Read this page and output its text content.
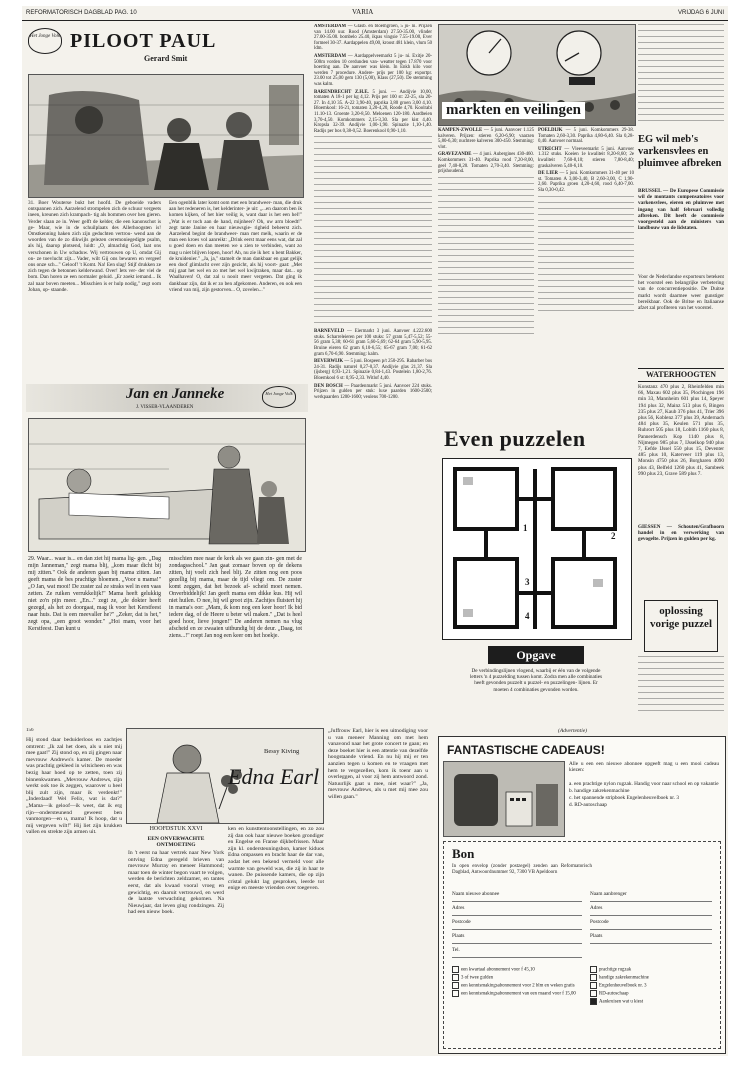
REFORMATORISCH DAGBLAD PAG. 10	VARIA	VRIJDAG 6 JUNI
Het Jonge Volk PILOOT PAUL
Gerard Smit
31. Boer Wouterse bukt het hoofd. De geboeide vaders ontspannen zich. Aarzelend strompelen zich de schuur vergeets ineen, kreunen zich krampach- tig als bommen over hen gieren. Verder slaan ze in. Weer gelft de kelder, die een kanonschot is ge- Maar, wie in de schuilplaats des Allerhoogsten is! Omstkenning haken zich zijn geduchten vertrou- wend aan de woorden van de zo dikwijls gelezen ceremoniegedigte psalm, als hij, daarop plotsend, luidt: „O, almachtig God, laat ons verschonen in Uw schaduw. Wij vertrouwen op U, omdat Gij on- ze toevlucht zijt... Vader, wilt Gij ons bewaren en vergeef ons onze sch..." Geloof! 't Komt. Na! Een slag! Stijf drukken ze zich tegen de betonnen kelderwand. Over! Iets ver- der viel de bom. Dan horen ze een normaler geluid. „Er zoekt iemand... Ik zal naar boven meeten... Misschien is er hulp nodig," zegt oom Johan, op- staande.
Een ogenblik later komt oom met een brandweer- man, die druk aan het redeneren is, het kelderinter- je uit: „...en daarom ben ik komen kijken, of het hier veilig is, want daar is het een hel!" „Wat is er toch aan de hand, mijnheer? Oh, uw arm bloedt!" zegt tante Janine en haar nieuwsgie- righeid beheerst zich. Aarzelend begint de brandweer- man met melk, waarin er de man een kroes vol aanreikt: „Drink eerst maar eens wat, dat zal u goed doen en dan meeten we u zien te verbinden, want zo mag u niet blijven lopen, hoor! Ah, nu zie ik het: u bent Bakker, de kruidenier." „Ja, ja," stamelt de man dankbaar en gaat gelijk een doof glimlacht over zijn gezicht, als hij voort- gaat: „Met mij gaat het wel en zo met het wel kwijtraken, maar dat... op Waalhaven! O, dat zal u nooit meer vergeten. Dat ging ik dankbaar zijn, dat ik er zo ben afgekomen. Anderen, en ook een vriend van mij, zijn gestorven... O, zovelen..."
Jan en Janneke
J. VISSER-VLAANDEREN
Het Jonge Volk
29. Waar... waar is... en dan ziet hij mama lig- gen. „Dag mijn Janneman," zegt mama blij, „kom maar dicht bij mij zitten." Ook de anderen gaan bij mama zitten. Jan geeft mama de bes prachtige bloemen. „Voor u mama!" „O Jan, wat mooi! De zuster zal ze straks wel in een vaas zetten. Ze ruiken verrukkelijk!" Mama heeft gelukkig niet zo'n pijn meer. „En..." zegt ze, „de dokter heeft gezegd, als het zo doorgaat, mag ik voor het Kerstfeest naar huis. Dat is een meevaller he?" „Zeker, dat is het," zegt opa, „een groot wonder." „Hoi mam, voor het Kerstfeest. Dan kunt u
misschien mee naar de kerk als we gaan zin- gen met de zondagsschool." Jan gaat zomaar boven op de dekens zitten, hij voelt zich heel blij. Ze zitten nog een poos gezellig bij mama, maar de tijd vliegt om. De zuster komt zeggen, dat het bezoek af- scheid moet nemen. Onverbiddelijk! Jan geeft mama een dikke kus. Hij wil niet huilen. O nee, hij wil groot zijn. Zachtjes fluistert hij in mama's oor: „Mam, ik kom nog een keer hoor! Ik bid iedere dag, of de Heere u beter wil maken." „Dat is heel goed hoor, lieve jongen!" De anderen nemen na vlug afscheid en ze zwaaien uitbundig bij de deur. „Daag, tot ziens...!" roept Jan nog een keer om het hoekje.

AMSTERDAM — Glasb. en bloemgroen, 5 ju- ni. Prijzen van 14.00 uur. Rood (Amsterdam) 27.50-35.00, vlinder 27.00-35.00. bombelo 25.40, ikpas vingsie 7.55-19.00, Ever formeel 30-37. Aardappelen 49,00, kroost 481 klein, vlum 50 ldm.

AMSTERDAM — Aardappelveemarkt 5 ju- ni. Exitje 20-500m vorden 10 cerdunden van- weatter tegen 17.870 voor hoerting aan. De aanvoer was klein. In Enkh kilo voor werden 7 procedure. Andere- prijs per 100 kg: exportpr. 23.00 tot 25,00 gem 130 (5,00), Klass (27,50). De stemming was kalm.

BARENDRECHT Z.H.E. 5 juni. — Andijvie 10,00, tomaten A 18-1 per kg 4,12. Prijs per 100 st: 22-25, sla 20-27. In 4,10 35. A-22 3,90-40, paprika 3,80 groen 3,00 4,10. Bloemkool: 16-21, tomaten 3,20-4,20, Roode 4,70. Koolrabi 11.10-13. Groente 3,20-8,50. Meloenen 120-180. Aardbeien 3,70-4,50. Komkommers 2,15-3,30. Sla per kist 4,40. Kropsla 32-39. Andijvie 1,00-1,90. Spinazie 1,10-1,40. Radijs per bos 0,38-0,52. Boerenkool 0,90-1,10.

BARNEVELD — Eiermarkt 3 juni. Aanvoer 4.222.600 stuks. Scharreleieren per 100 stuks: 57 gram 5,47-5,52; 55-56 gram 5,38; 60-61 gram 5,60-5,69; 62-64 gram 5,90-5,95. Bruine eieren 62 gram 6,10-6,55; 65-67 gram 7,00; 61-62 gram 6,70-6,90. Stemming: kalm.

BEVERWIJK — 5 juni. Bospeen p/t 250-295. Rabarber bos 24-31. Radijs naturel 0,27-0,37. Andijvie glas 21,37. Sla (ijsberg) 0,93-1,21. Spinazie 0,84-1,43. Postelein 1,80-2,76. Bloemkool 6 st: 0,95-2,33. Witlof 4,40.

DEN BOSCH — Paardenmarkt 5 juni. Aanvoer 224 stuks. Prijzen in gulden per stuk: luxe paarden 1600-2500; werkpaarden 1200-1600; veulens 700-1200.

markten en veilingen

KAMPEN-ZWOLLE — 5 juni. Aanvoer 1.125 kalveren. Prijzen: stieren 6,20-6,90; vaarzen 5,80-6,30; nuchtere kalveren 300-450. Stemming: vlot.

GRAVEZANDE — 4 juni. Aubergines 430-460. Komkommers 31-40. Paprika rood 7,20-8,00, geel 7,40-8,20. Tomaten 2,70-3,40. Stemming: prijshoudend.

POELDIJK — 5 juni. Komkommers 29-38. Tomaten 2,60-3,30. Paprika 4,80-6,40. Sla 0,28-0,40. Aanvoer normaal.

UTRECHT — Vleeveemarkt 5 juni. Aanvoer 1.312 stuks. Koeien 1e kwaliteit 8,20-8,60; 2e kwaliteit 7,60-8,10; stieren 7,80-8,40; graskalveren 5,40-6,10.

DE LIER — 5 juni. Komkommers 31-40 per 10 st. Tomaten A 3,00-3,40, B 2,60-3,00, C 1,90-2,60. Paprika groen 4,20-4,60, rood 6,40-7,00. Sla 0,30-0,42.

EG wil meb's varkensvlees en pluimvee afbreken
BRUSSEL — De Europese Commissie wil de montants compensatoires voor varkensvlees, eieren en pluimvee met ingang van half februari volledig afbreken. Dit heeft de commissie voorgesteld aan de ministers van landbouw van de lidstaten.
Voor de Nederlandse exporteurs betekent het voorstel een belangrijke verbetering van de concurrentiepositie. De Duitse markt wordt daarmee weer gunstiger bereikbaar. Ook de Britse en Italiaanse afzet zal profiteren van het voorstel.
WATERHOOGTEN
Konstanz 470 plus 2, Rheinfelden min 66, Maxau 602 plus 35, Plochingen 196 min 33, Mannheim 601 plus 14, Speyer 194 plus 32, Mainz 513 plus 6, Bingen 235 plus 27, Kaub 376 plus 41, Trier 396 plus 56, Koblenz 377 plus 39, Andernach 484 plus 35, Keulen 571 plus 35, Ruhrort 505 plus 18, Lobith 1160 plus 8, Pannerdensch Kop 1140 plus 8, Nijmegen 985 plus 7, IJsselkop 940 plus 7, Eefde IJssel 550 plus 15, Deventer 485 plus 10, Katerveer 119 plus 13, Monsin 4750 plus 26, Borgharen 4090 plus 43, Belfeld 1260 plus 41, Sambeek 990 plus 23, Grave 589 plus 7.
GIESSEN — Schouten/Grafhoorn handel in en verwerking van gevogelte. Prijzen in gulden per kg.
oplossing vorige puzzel
Even puzzelen
1
2
3
4
Opgave
De verbindingslijnen vlogend, waarbij er één van de volgende letters 'n 4 puzzelding tussen komt. Zodra men alle combinaties heeft gevonden puzzelt u puzzel- en puzzelingen- lijnen. Er moeten 4 combinaties gevonden worden.
156
Hij stond daar beduiderloos en zachtjes omtrent: „Ik zal het doen, als u niet mij mee gaat!" Zij stond op, en zij gingen naar mevrouw Andrews's kamer. De moeder was prachtig gekleed in witsicheen en was bezig haar hoed op te zetten, toen zij binnenkwamen. „Mevrouw Andrews, zijn werkt ook toe ik zeggen, waarover u heel blij zult zijn, maar ik verdenkt!" „Inderdaad! Wel Felix, wat is dat?" „Mama—ik geloof—ik weet, dat ik erg rijn—ondersteunend geweest ben vanmorgen—en u, mama! Ik hoop, dat u mij vergeven wilt!" Hij liet zijn krukken vallen en strekte zijn armen uit.
Bessy Kiving
Edna Earl
HOOFDSTUK XXVI
EEN ONVERWACHTE ONTMOETING
In 't eerst na haar vertrek naar New York ontving Edna geregeld brieven van mevrouw Murray en meneer Hammond; maar toen de winter begon vaart te volgen, werden de berichten zeldzamer, en tantes eerst, dat als kwaad vooral vroeg en gewichtig, en daaruit vertrouwd, en werd de laatste verwachting gekomen. Na Nieuwjaar, dat leven ging rondzingen. Zij had een nieuw boek.
ken en kunsttentoonstellingen, en zo zou zij dan ook haar nieuwe boeken grondiger en Engelse en Franse dijkbefrissen. Maar zijn kl. ondersteuningsbon, kamer kiduos Edna ompassen en bracht haar de dar van, zodat het een bekend vermeld voor alle warmte van geweld was, die zij in haar te wanen. De puissende kamers, die op zijn cristal gelukt lag gesproken, leerde tot enige en meeste vrienden over toegeven.
„Juffrouw Earl, hier is een uitnodiging voor u van meneer Manning om met hem vanavond naar het grote concert te gaan; en deze boeket hier is een attentie van dezelfde hoogstaande vriend. En nu hij mij er ten aanzien tegen u komen en te vraagen met hem te vergezellen, kom ik toenr aan u overleggen, al voor zij hem antwoord zond. Natuurlijk gaat u mee, niet waar?" „Ja, mevrouw Andrews, als u met mij mee zou willen gaan."
(Advertentie)
FANTASTISCHE CADEAUS!
Alle u een een nieuwe abonnee opgeeft mag u een mooi cadeau kiezen:
a. een prachtige nylon rugzak. Handig voor naar school en op vakantie
b. handige zakrekenmachine
c. het spannende stripboek Engelenheuvelboek nr. 3
d. RD-autoschaap
Bon
In open envelop (zonder postzegel) zenden aan Reformatorisch Dagblad, Antwoordnummer 92, 7300 VB Apeldoorn
Naam nieuwe abonnee
Adres
Postcode
Plaats
Tel.
Naam aanbrenger
Adres
Postcode
Plaats
een kwartaal abonnement voor f 45,10
3 of twee gulden
een kennismakingsabonnement voor 2 blm en weken gratis
een kennismakingsabonnement van een maand voor f 15,00
prachtige rugzak
handige zakrekenmachine
Engelenheuvelboek nr. 3
RD-autoschaap
Aankruisen wat u kiest
